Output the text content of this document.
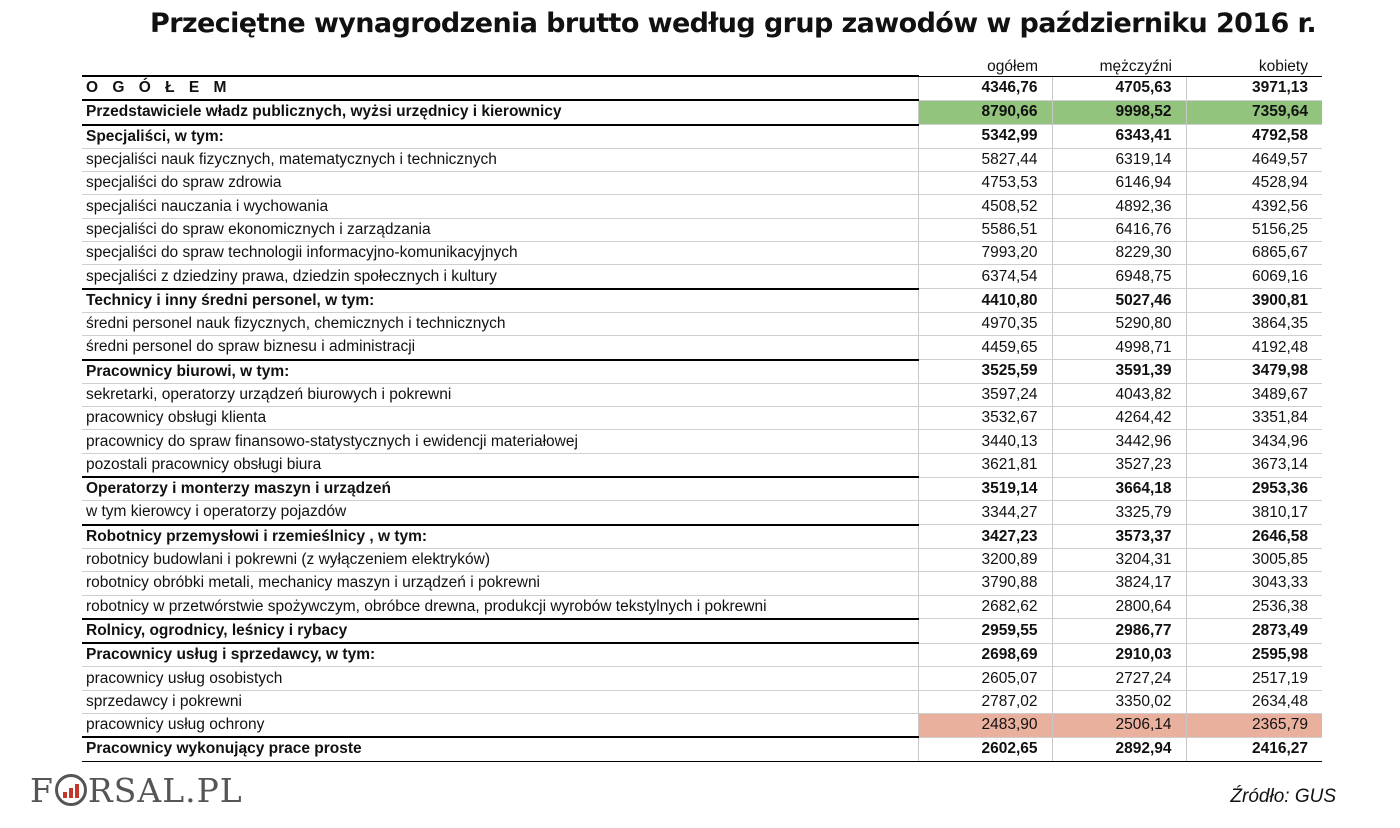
Przeciętne wynagrodzenia brutto według grup zawodów w październiku 2016 r.
	ogółem	mężczyźni	kobiety
O G Ó Ł E M	4346,76	4705,63	3971,13
Przedstawiciele władz publicznych, wyżsi urzędnicy i kierownicy	8790,66	9998,52	7359,64
Specjaliści, w tym:	5342,99	6343,41	4792,58
specjaliści nauk fizycznych, matematycznych i technicznych	5827,44	6319,14	4649,57
specjaliści do spraw zdrowia	4753,53	6146,94	4528,94
specjaliści nauczania i wychowania	4508,52	4892,36	4392,56
specjaliści do spraw ekonomicznych i zarządzania	5586,51	6416,76	5156,25
specjaliści do spraw technologii informacyjno-komunikacyjnych	7993,20	8229,30	6865,67
specjaliści z dziedziny prawa, dziedzin społecznych i kultury	6374,54	6948,75	6069,16
Technicy i inny średni personel, w tym:	4410,80	5027,46	3900,81
średni personel nauk fizycznych, chemicznych i technicznych	4970,35	5290,80	3864,35
średni personel do spraw biznesu i administracji	4459,65	4998,71	4192,48
Pracownicy biurowi, w tym:	3525,59	3591,39	3479,98
sekretarki, operatorzy urządzeń biurowych i pokrewni	3597,24	4043,82	3489,67
pracownicy obsługi klienta	3532,67	4264,42	3351,84
pracownicy do spraw finansowo-statystycznych i ewidencji materiałowej	3440,13	3442,96	3434,96
pozostali pracownicy obsługi biura	3621,81	3527,23	3673,14
Operatorzy i monterzy maszyn i urządzeń	3519,14	3664,18	2953,36
w tym kierowcy i operatorzy pojazdów	3344,27	3325,79	3810,17
Robotnicy przemysłowi i rzemieślnicy , w tym:	3427,23	3573,37	2646,58
robotnicy budowlani i pokrewni (z wyłączeniem elektryków)	3200,89	3204,31	3005,85
robotnicy obróbki metali, mechanicy maszyn i urządzeń i pokrewni	3790,88	3824,17	3043,33
robotnicy w przetwórstwie spożywczym, obróbce drewna, produkcji wyrobów tekstylnych i pokrewni	2682,62	2800,64	2536,38
Rolnicy, ogrodnicy, leśnicy i rybacy	2959,55	2986,77	2873,49
Pracownicy usług i sprzedawcy, w tym:	2698,69	2910,03	2595,98
pracownicy usług osobistych	2605,07	2727,24	2517,19
sprzedawcy i pokrewni	2787,02	3350,02	2634,48
pracownicy usług ochrony	2483,90	2506,14	2365,79
Pracownicy wykonujący prace proste	2602,65	2892,94	2416,27
F RSAL.PL	Źródło: GUS
